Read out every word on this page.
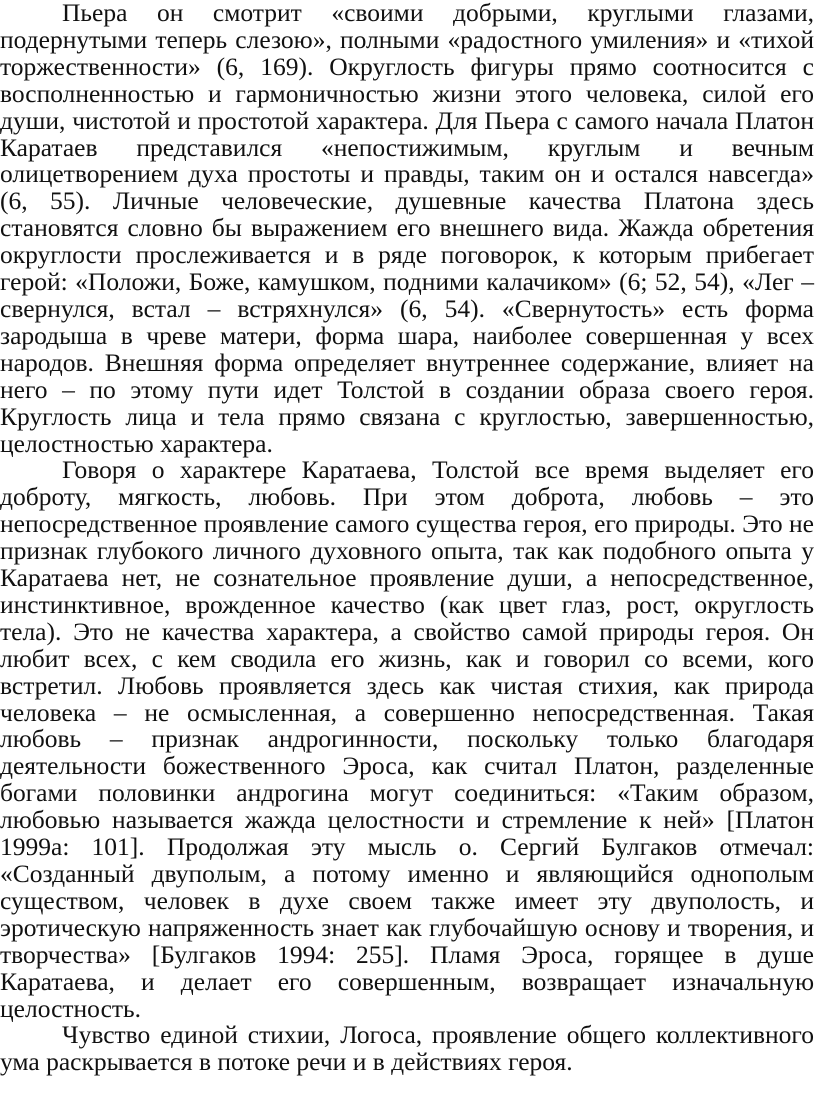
Пьера он смотрит «своими добрыми, круглыми глазами, подернутыми теперь слезою», полными «радостного умиления» и «тихой торжественности» (6, 169). Округлость фигуры прямо соотносится с восполненностью и гармоничностью жизни этого человека, силой его души, чистотой и простотой характера. Для Пьера с самого начала Платон Каратаев представился «непостижимым, круглым и вечным олицетворением духа простоты и правды, таким он и остался навсегда» (6, 55). Личные человеческие, душевные качества Платона здесь становятся словно бы выражением его внешнего вида. Жажда обретения округлости прослеживается и в ряде поговорок, к которым прибегает герой: «Положи, Боже, камушком, подними калачиком» (6; 52, 54), «Лег – свернулся, встал – встряхнулся» (6, 54). «Свернутость» есть форма зародыша в чреве матери, форма шара, наиболее совершенная у всех народов. Внешняя форма определяет внутреннее содержание, влияет на него – по этому пути идет Толстой в создании образа своего героя. Круглость лица и тела прямо связана с круглостью, завершенностью, целостностью характера.

Говоря о характере Каратаева, Толстой все время выделяет его доброту, мягкость, любовь. При этом доброта, любовь – это непосредственное проявление самого существа героя, его природы. Это не признак глубокого личного духовного опыта, так как подобного опыта у Каратаева нет, не сознательное проявление души, а непосредственное, инстинктивное, врожденное качество (как цвет глаз, рост, округлость тела). Это не качества характера, а свойство самой природы героя. Он любит всех, с кем сводила его жизнь, как и говорил со всеми, кого встретил. Любовь проявляется здесь как чистая стихия, как природа человека – не осмысленная, а совершенно непосредственная. Такая любовь – признак андрогинности, поскольку только благодаря деятельности божественного Эроса, как считал Платон, разделенные богами половинки андрогина могут соединиться: «Таким образом, любовью называется жажда целостности и стремление к ней» [Платон 1999а: 101]. Продолжая эту мысль о. Сергий Булгаков отмечал: «Созданный двуполым, а потому именно и являющийся однополым существом, человек в духе своем также имеет эту двуполость, и эротическую напряженность знает как глубочайшую основу и творения, и творчества» [Булгаков 1994: 255]. Пламя Эроса, горящее в душе Каратаева, и делает его совершенным, возвращает изначальную целостность.

Чувство единой стихии, Логоса, проявление общего коллективного ума раскрывается в потоке речи и в действиях героя.
